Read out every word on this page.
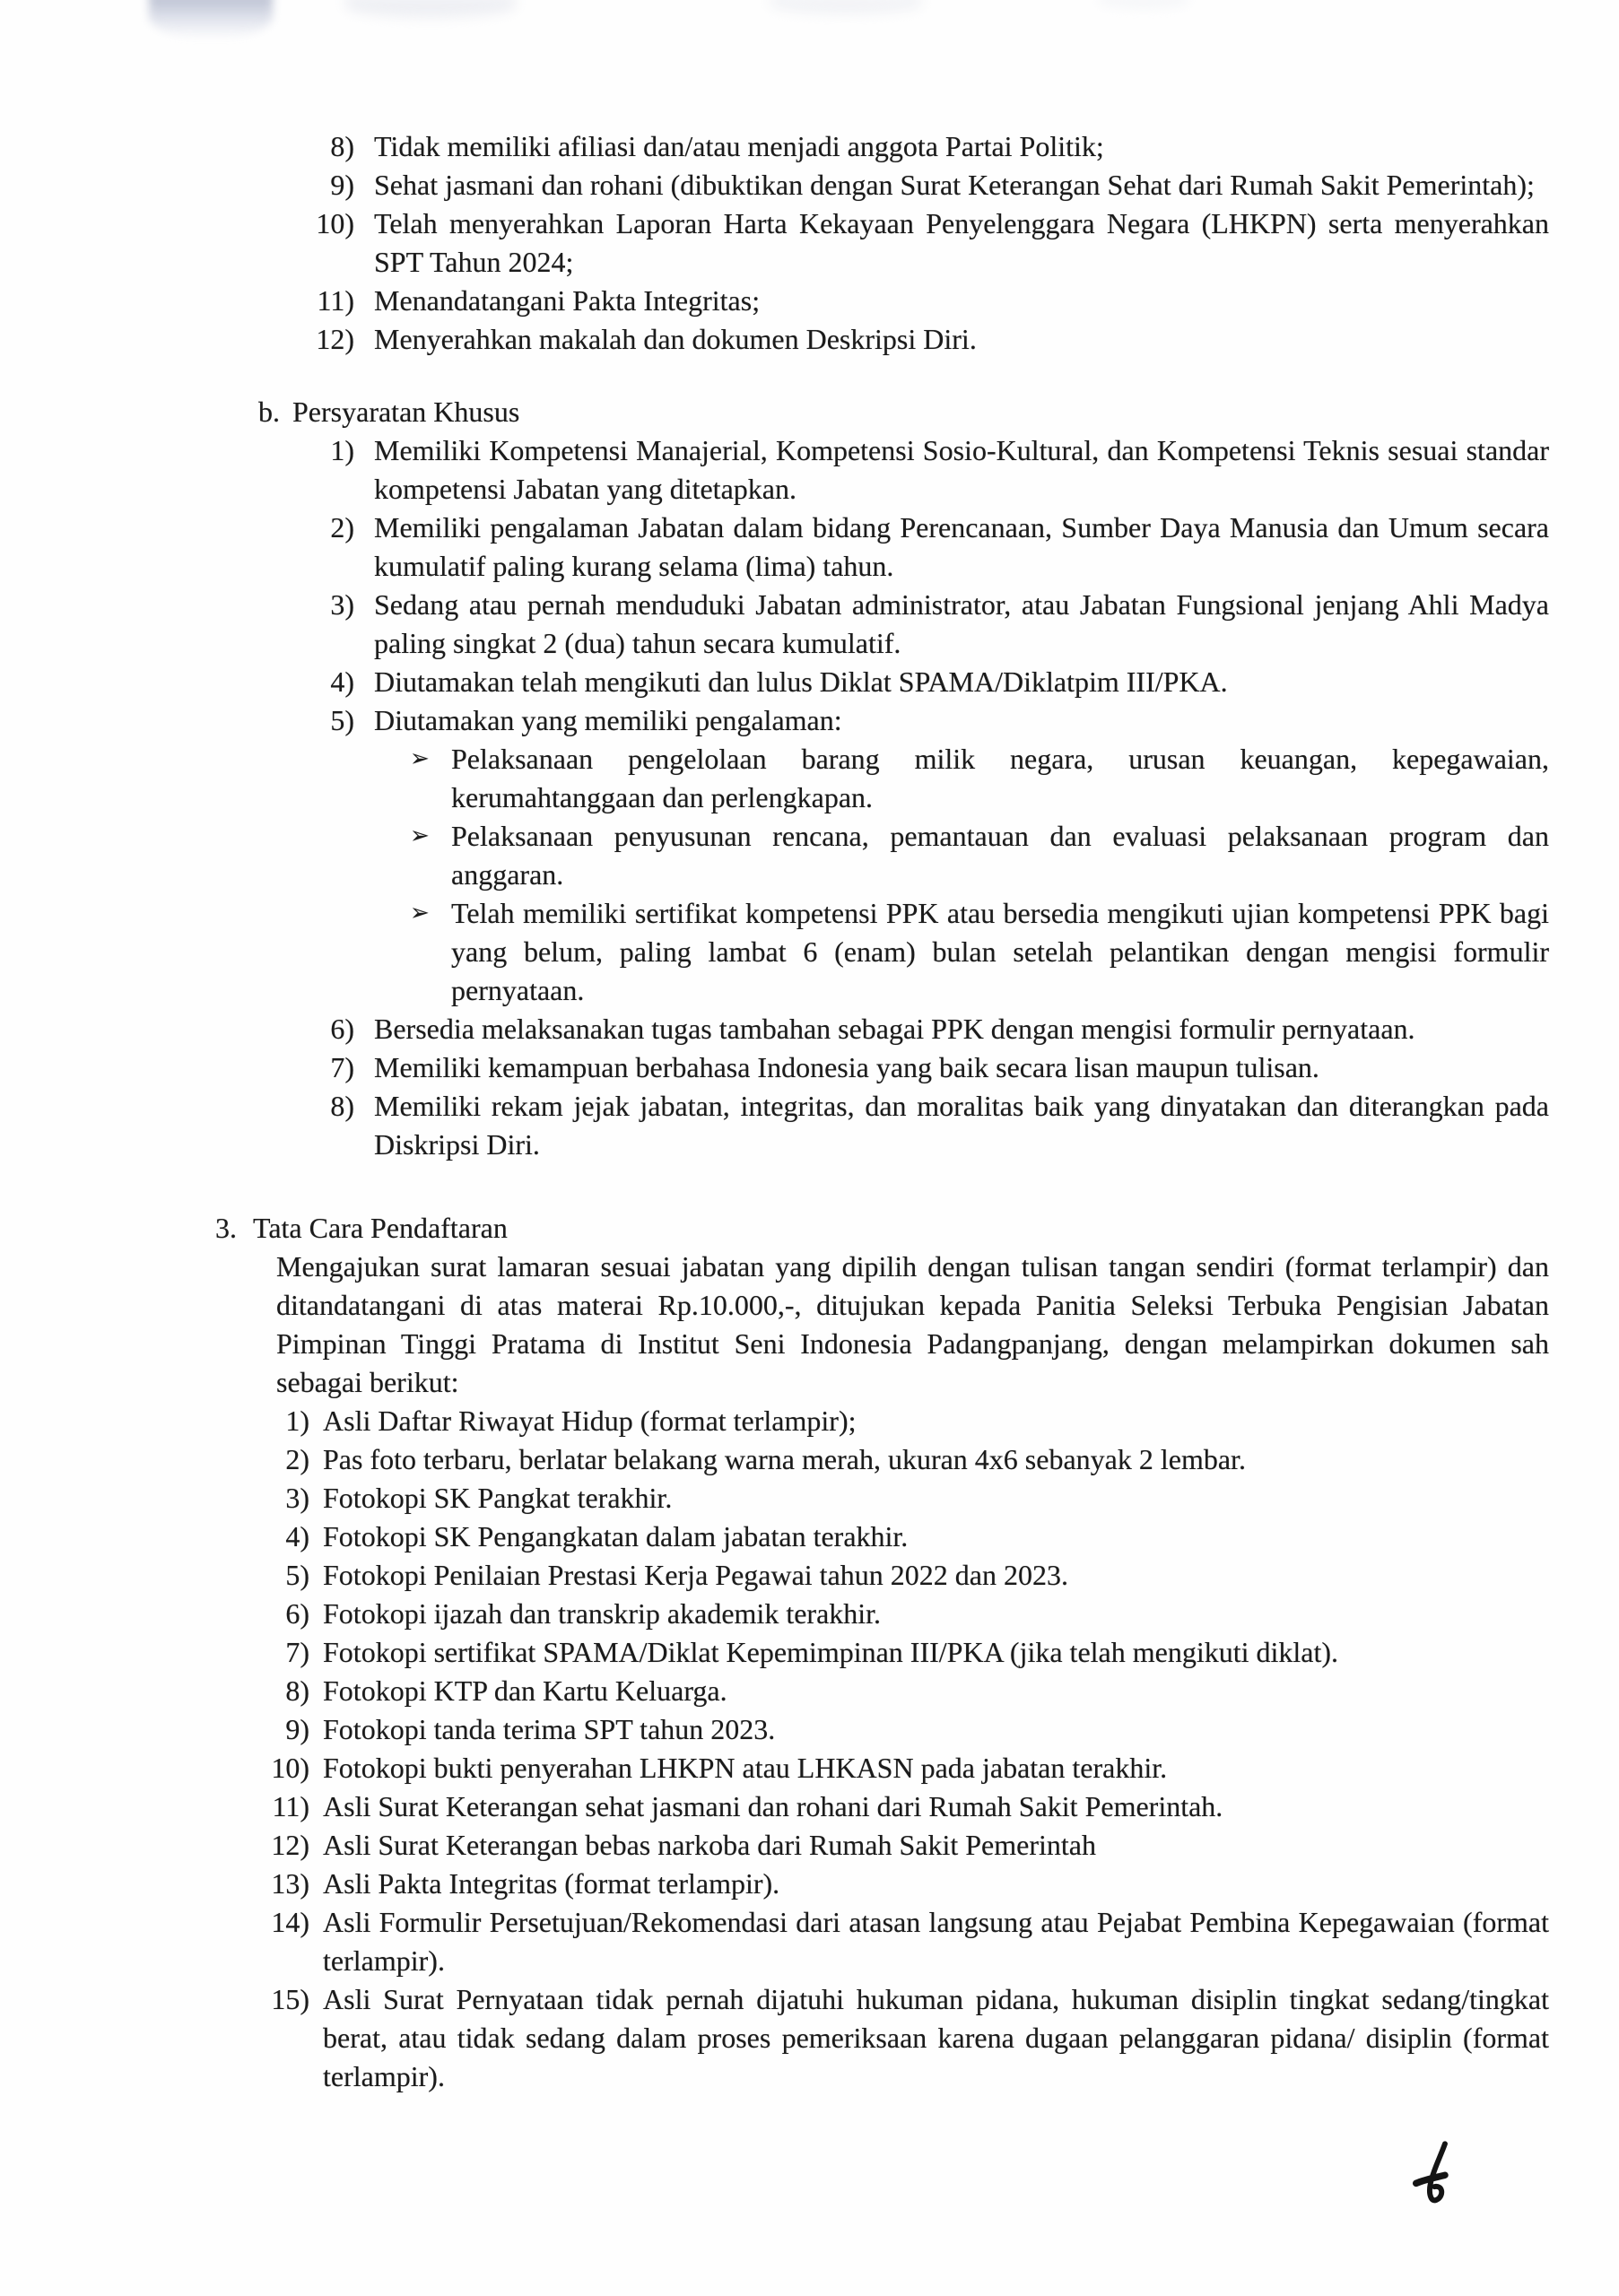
8) Tidak memiliki afiliasi dan/atau menjadi anggota Partai Politik;
9) Sehat jasmani dan rohani (dibuktikan dengan Surat Keterangan Sehat dari Rumah Sakit Pemerintah);
10) Telah menyerahkan Laporan Harta Kekayaan Penyelenggara Negara (LHKPN) serta menyerahkan SPT Tahun 2024;
11) Menandatangani Pakta Integritas;
12) Menyerahkan makalah dan dokumen Deskripsi Diri.
b. Persyaratan Khusus
1) Memiliki Kompetensi Manajerial, Kompetensi Sosio-Kultural, dan Kompetensi Teknis sesuai standar kompetensi Jabatan yang ditetapkan.
2) Memiliki pengalaman Jabatan dalam bidang Perencanaan, Sumber Daya Manusia dan Umum secara kumulatif paling kurang selama (lima) tahun.
3) Sedang atau pernah menduduki Jabatan administrator, atau Jabatan Fungsional jenjang Ahli Madya paling singkat 2 (dua) tahun secara kumulatif.
4) Diutamakan telah mengikuti dan lulus Diklat SPAMA/Diklatpim III/PKA.
5) Diutamakan yang memiliki pengalaman:
➢ Pelaksanaan pengelolaan barang milik negara, urusan keuangan, kepegawaian, kerumahtanggaan dan perlengkapan.
➢ Pelaksanaan penyusunan rencana, pemantauan dan evaluasi pelaksanaan program dan anggaran.
➢ Telah memiliki sertifikat kompetensi PPK atau bersedia mengikuti ujian kompetensi PPK bagi yang belum, paling lambat 6 (enam) bulan setelah pelantikan dengan mengisi formulir pernyataan.
6) Bersedia melaksanakan tugas tambahan sebagai PPK dengan mengisi formulir pernyataan.
7) Memiliki kemampuan berbahasa Indonesia yang baik secara lisan maupun tulisan.
8) Memiliki rekam jejak jabatan, integritas, dan moralitas baik yang dinyatakan dan diterangkan pada Diskripsi Diri.
3. Tata Cara Pendaftaran

Mengajukan surat lamaran sesuai jabatan yang dipilih dengan tulisan tangan sendiri (format terlampir) dan ditandatangani di atas materai Rp.10.000,-, ditujukan kepada Panitia Seleksi Terbuka Pengisian Jabatan Pimpinan Tinggi Pratama di Institut Seni Indonesia Padangpanjang, dengan melampirkan dokumen sah sebagai berikut:

1) Asli Daftar Riwayat Hidup (format terlampir);
2) Pas foto terbaru, berlatar belakang warna merah, ukuran 4x6 sebanyak 2 lembar.
3) Fotokopi SK Pangkat terakhir.
4) Fotokopi SK Pengangkatan dalam jabatan terakhir.
5) Fotokopi Penilaian Prestasi Kerja Pegawai tahun 2022 dan 2023.
6) Fotokopi ijazah dan transkrip akademik terakhir.
7) Fotokopi sertifikat SPAMA/Diklat Kepemimpinan III/PKA (jika telah mengikuti diklat).
8) Fotokopi KTP dan Kartu Keluarga.
9) Fotokopi tanda terima SPT tahun 2023.
10) Fotokopi bukti penyerahan LHKPN atau LHKASN pada jabatan terakhir.
11) Asli Surat Keterangan sehat jasmani dan rohani dari Rumah Sakit Pemerintah.
12) Asli Surat Keterangan bebas narkoba dari Rumah Sakit Pemerintah
13) Asli Pakta Integritas (format terlampir).
14) Asli Formulir Persetujuan/Rekomendasi dari atasan langsung atau Pejabat Pembina Kepegawaian (format terlampir).
15) Asli Surat Pernyataan tidak pernah dijatuhi hukuman pidana, hukuman disiplin tingkat sedang/tingkat berat, atau tidak sedang dalam proses pemeriksaan karena dugaan pelanggaran pidana/ disiplin (format terlampir).
